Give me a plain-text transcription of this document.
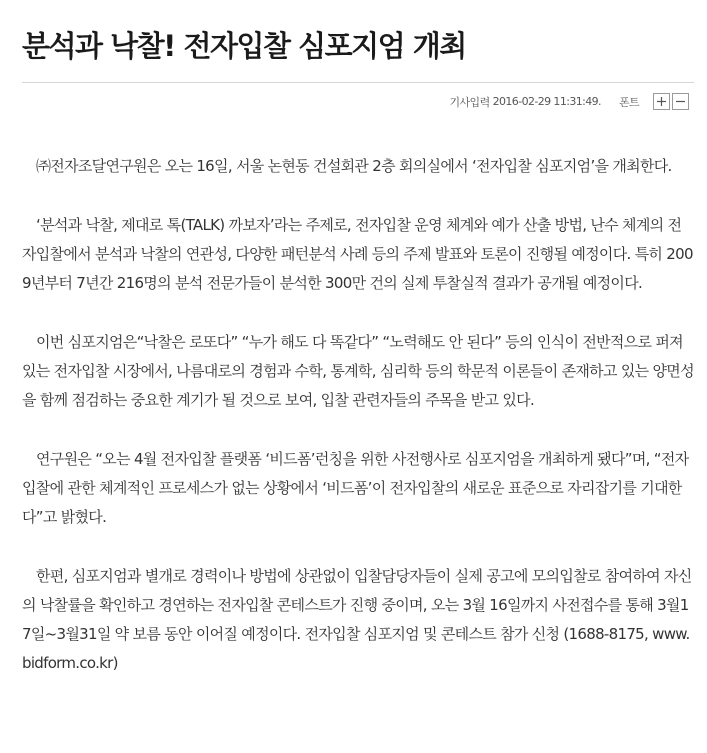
분석과 낙찰! 전자입찰 심포지엄 개최
기사입력 2016-02-29 11:31:49. 폰트

㈜전자조달연구원은 오는 16일, 서울 논현동 건설회관 2층 회의실에서 ‘전자입찰 심포지엄’을 개최한다.

‘분석과 낙찰, 제대로 톡(TALK) 까보자’라는 주제로, 전자입찰 운영 체계와 예가 산출 방법, 난수 체계의 전자입찰에서 분석과 낙찰의 연관성, 다양한 패턴분석 사례 등의 주제 발표와 토론이 진행될 예정이다. 특히 2009년부터 7년간 216명의 분석 전문가들이 분석한 300만 건의 실제 투찰실적 결과가 공개될 예정이다.

이번 심포지엄은“낙찰은 로또다” “누가 해도 다 똑같다” “노력해도 안 된다” 등의 인식이 전반적으로 퍼져있는 전자입찰 시장에서, 나름대로의 경험과 수학, 통계학, 심리학 등의 학문적 이론들이 존재하고 있는 양면성을 함께 점검하는 중요한 계기가 될 것으로 보여, 입찰 관련자들의 주목을 받고 있다.

연구원은 “오는 4월 전자입찰 플랫폼 ‘비드폼’런칭을 위한 사전행사로 심포지엄을 개최하게 됐다”며, “전자입찰에 관한 체계적인 프로세스가 없는 상황에서 ‘비드폼’이 전자입찰의 새로운 표준으로 자리잡기를 기대한다”고 밝혔다.

한편, 심포지엄과 별개로 경력이나 방법에 상관없이 입찰담당자들이 실제 공고에 모의입찰로 참여하여 자신의 낙찰률을 확인하고 경연하는 전자입찰 콘테스트가 진행 중이며, 오는 3월 16일까지 사전접수를 통해 3월17일~3월31일 약 보름 동안 이어질 예정이다. 전자입찰 심포지엄 및 콘테스트 참가 신청 (1688-8175, www.bidform.co.kr)
